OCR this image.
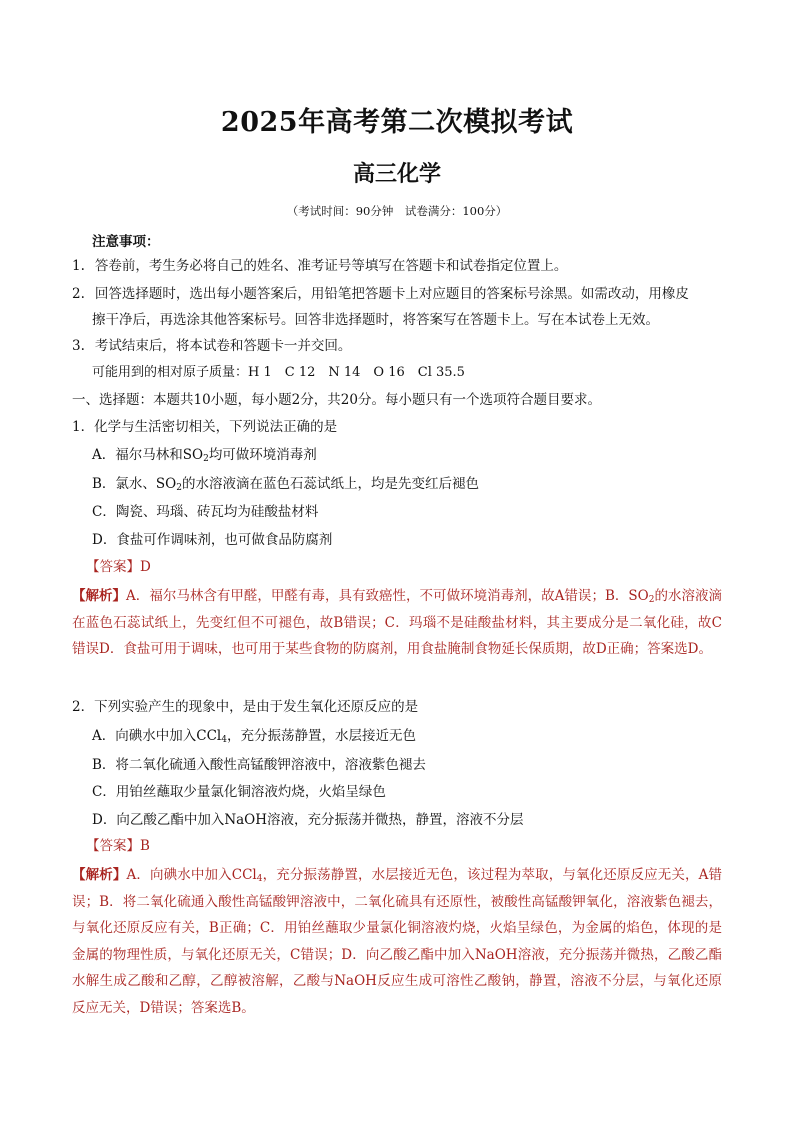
2025年高考第二次模拟考试
高三化学
（考试时间：90分钟　试卷满分：100分）
注意事项：
1. 答卷前，考生务必将自己的姓名、准考证号等填写在答题卡和试卷指定位置上。
2. 回答选择题时，选出每小题答案后，用铅笔把答题卡上对应题目的答案标号涂黑。如需改动，用橡皮
擦干净后，再选涂其他答案标号。回答非选择题时，将答案写在答题卡上。写在本试卷上无效。
3. 考试结束后，将本试卷和答题卡一并交回。
可能用到的相对原子质量：H 1　C 12　N 14　O 16　Cl 35.5
一、选择题：本题共10小题，每小题2分，共20分。每小题只有一个选项符合题目要求。
1．化学与生活密切相关，下列说法正确的是
A．福尔马林和$SO_2$均可做环境消毒剂
B．氯水、$SO_2$的水溶液滴在蓝色石蕊试纸上，均是先变红后褪色
C．陶瓷、玛瑙、砖瓦均为硅酸盐材料
D．食盐可作调味剂，也可做食品防腐剂
【答案】D
【解析】A．福尔马林含有甲醛，甲醛有毒，具有致癌性，不可做环境消毒剂，故A错误；B．$SO_2$的水溶液滴在蓝色石蕊试纸上，先变红但不可褪色，故B错误；C．玛瑙不是硅酸盐材料，其主要成分是二氧化硅，故C错误D．食盐可用于调味，也可用于某些食物的防腐剂，用食盐腌制食物延长保质期，故D正确；答案选D。
2．下列实验产生的现象中，是由于发生氧化还原反应的是
A．向碘水中加入CCl$_4$，充分振荡静置，水层接近无色
B．将二氧化硫通入酸性高锰酸钾溶液中，溶液紫色褪去
C．用铂丝蘸取少量氯化铜溶液灼烧，火焰呈绿色
D．向乙酸乙酯中加入NaOH溶液，充分振荡并微热，静置，溶液不分层
【答案】B
【解析】A．向碘水中加入CCl$_4$，充分振荡静置，水层接近无色，该过程为萃取，与氧化还原反应无关，A错误；B．将二氧化硫通入酸性高锰酸钾溶液中，二氧化硫具有还原性，被酸性高锰酸钾氧化，溶液紫色褪去，与氧化还原反应有关，B正确；C．用铂丝蘸取少量氯化铜溶液灼烧，火焰呈绿色，为金属的焰色，体现的是金属的物理性质，与氧化还原无关，C错误；D．向乙酸乙酯中加入NaOH溶液，充分振荡并微热，乙酸乙酯水解生成乙酸和乙醇，乙醇被溶解，乙酸与NaOH反应生成可溶性乙酸钠，静置，溶液不分层，与氧化还原反应无关，D错误；答案选B。
